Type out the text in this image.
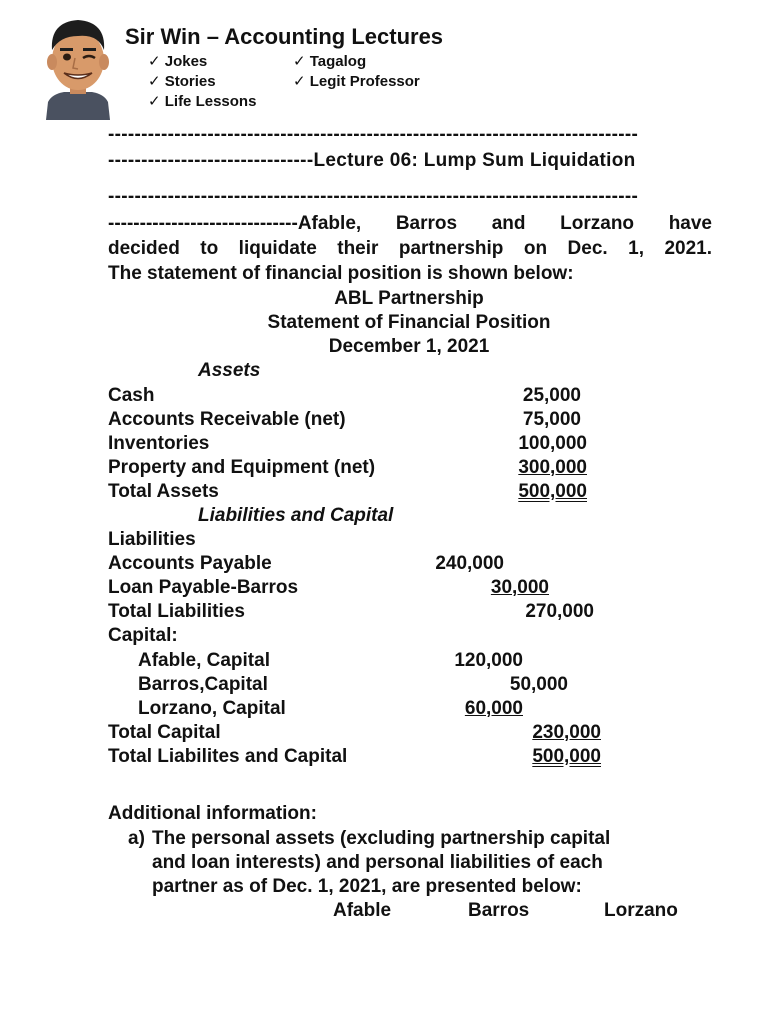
Sir Win – Accounting Lectures
✓ Jokes	✓ Tagalog
✓ Stories	✓ Legit Professor
✓ Life Lessons
--------------------------------------------------------------------------------
-------------------------------Lecture 06: Lump Sum Liquidation
--------------------------------------------------------------------------------
------------------------------Afable, Barros and Lorzano have
decided to liquidate their partnership on Dec. 1, 2021.
The statement of financial position is shown below:
ABL Partnership
Statement of Financial Position
December 1, 2021
Assets
Cash	25,000
Accounts Receivable (net)	75,000
Inventories	100,000
Property and Equipment (net)	300,000
Total Assets	500,000
Liabilities and Capital
Liabilities
Accounts Payable	240,000
Loan Payable-Barros	30,000
Total Liabilities	270,000
Capital:
Afable, Capital	120,000
Barros,Capital	50,000
Lorzano, Capital	60,000
Total Capital	230,000
Total Liabilites and Capital	500,000
Additional information:
a) The personal assets (excluding partnership capital
and loan interests) and personal liabilities of each
partner as of Dec. 1, 2021, are presented below:
Afable	Barros	Lorzano
